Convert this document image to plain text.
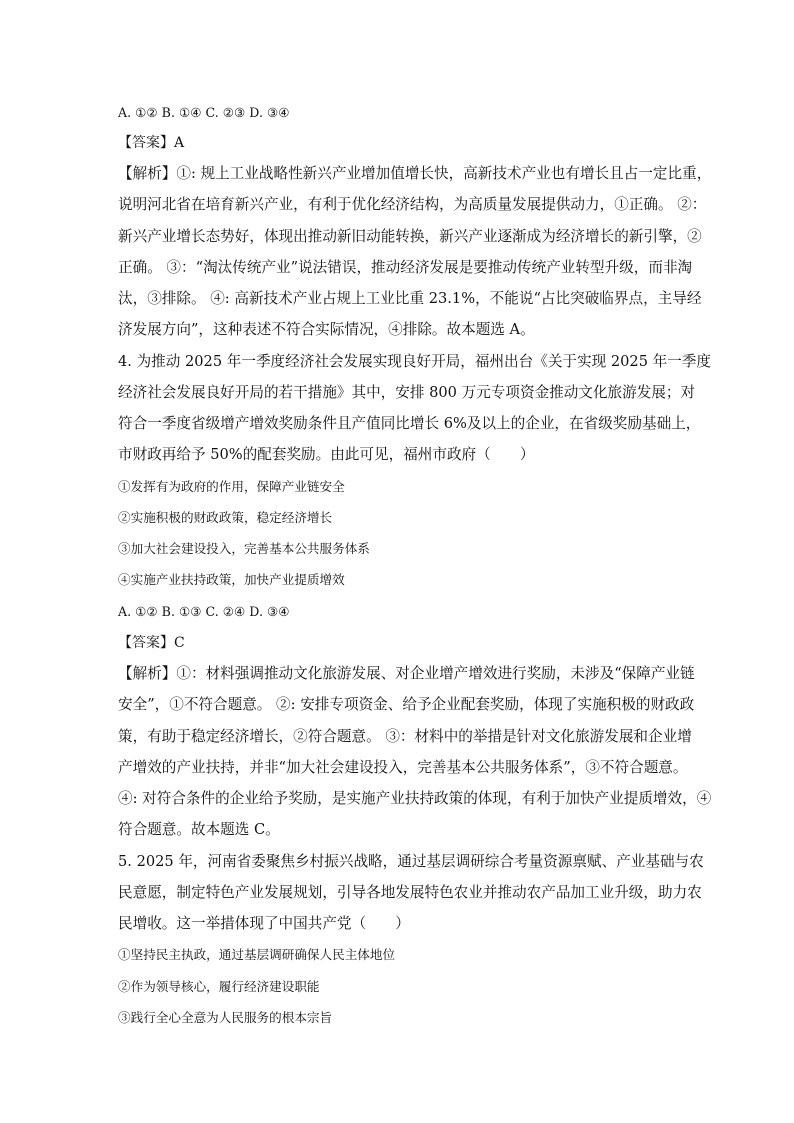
A. ①② B. ①④ C. ②③ D. ③④
【答案】A
【解析】①: 规上工业战略性新兴产业增加值增长快，高新技术产业也有增长且占一定比重，
说明河北省在培育新兴产业，有利于优化经济结构，为高质量发展提供动力，①正确。 ②：
新兴产业增长态势好，体现出推动新旧动能转换，新兴产业逐渐成为经济增长的新引擎，②
正确。 ③：“淘汰传统产业”说法错误，推动经济发展是要推动传统产业转型升级，而非淘
汰，③排除。 ④: 高新技术产业占规上工业比重 23.1%，不能说“占比突破临界点，主导经
济发展方向”，这种表述不符合实际情况，④排除。故本题选 A。
4. 为推动 2025 年一季度经济社会发展实现良好开局，福州出台《关于实现 2025 年一季度
经济社会发展良好开局的若干措施》其中，安排 800 万元专项资金推动文化旅游发展；对
符合一季度省级增产增效奖励条件且产值同比增长 6%及以上的企业，在省级奖励基础上，
市财政再给予 50%的配套奖励。由此可见，福州市政府（　　）
①发挥有为政府的作用，保障产业链安全
②实施积极的财政政策，稳定经济增长
③加大社会建设投入，完善基本公共服务体系
④实施产业扶持政策，加快产业提质增效
A. ①② B. ①③ C. ②④ D. ③④
【答案】C
【解析】①：材料强调推动文化旅游发展、对企业增产增效进行奖励，未涉及“保障产业链
安全”，①不符合题意。 ②: 安排专项资金、给予企业配套奖励，体现了实施积极的财政政
策，有助于稳定经济增长，②符合题意。 ③：材料中的举措是针对文化旅游发展和企业增
产增效的产业扶持，并非“加大社会建设投入，完善基本公共服务体系”，③不符合题意。
④: 对符合条件的企业给予奖励，是实施产业扶持政策的体现，有利于加快产业提质增效，④
符合题意。故本题选 C。
5. 2025 年，河南省委聚焦乡村振兴战略，通过基层调研综合考量资源禀赋、产业基础与农
民意愿，制定特色产业发展规划，引导各地发展特色农业并推动农产品加工业升级，助力农
民增收。这一举措体现了中国共产党（　　）
①坚持民主执政，通过基层调研确保人民主体地位
②作为领导核心，履行经济建设职能
③践行全心全意为人民服务的根本宗旨
